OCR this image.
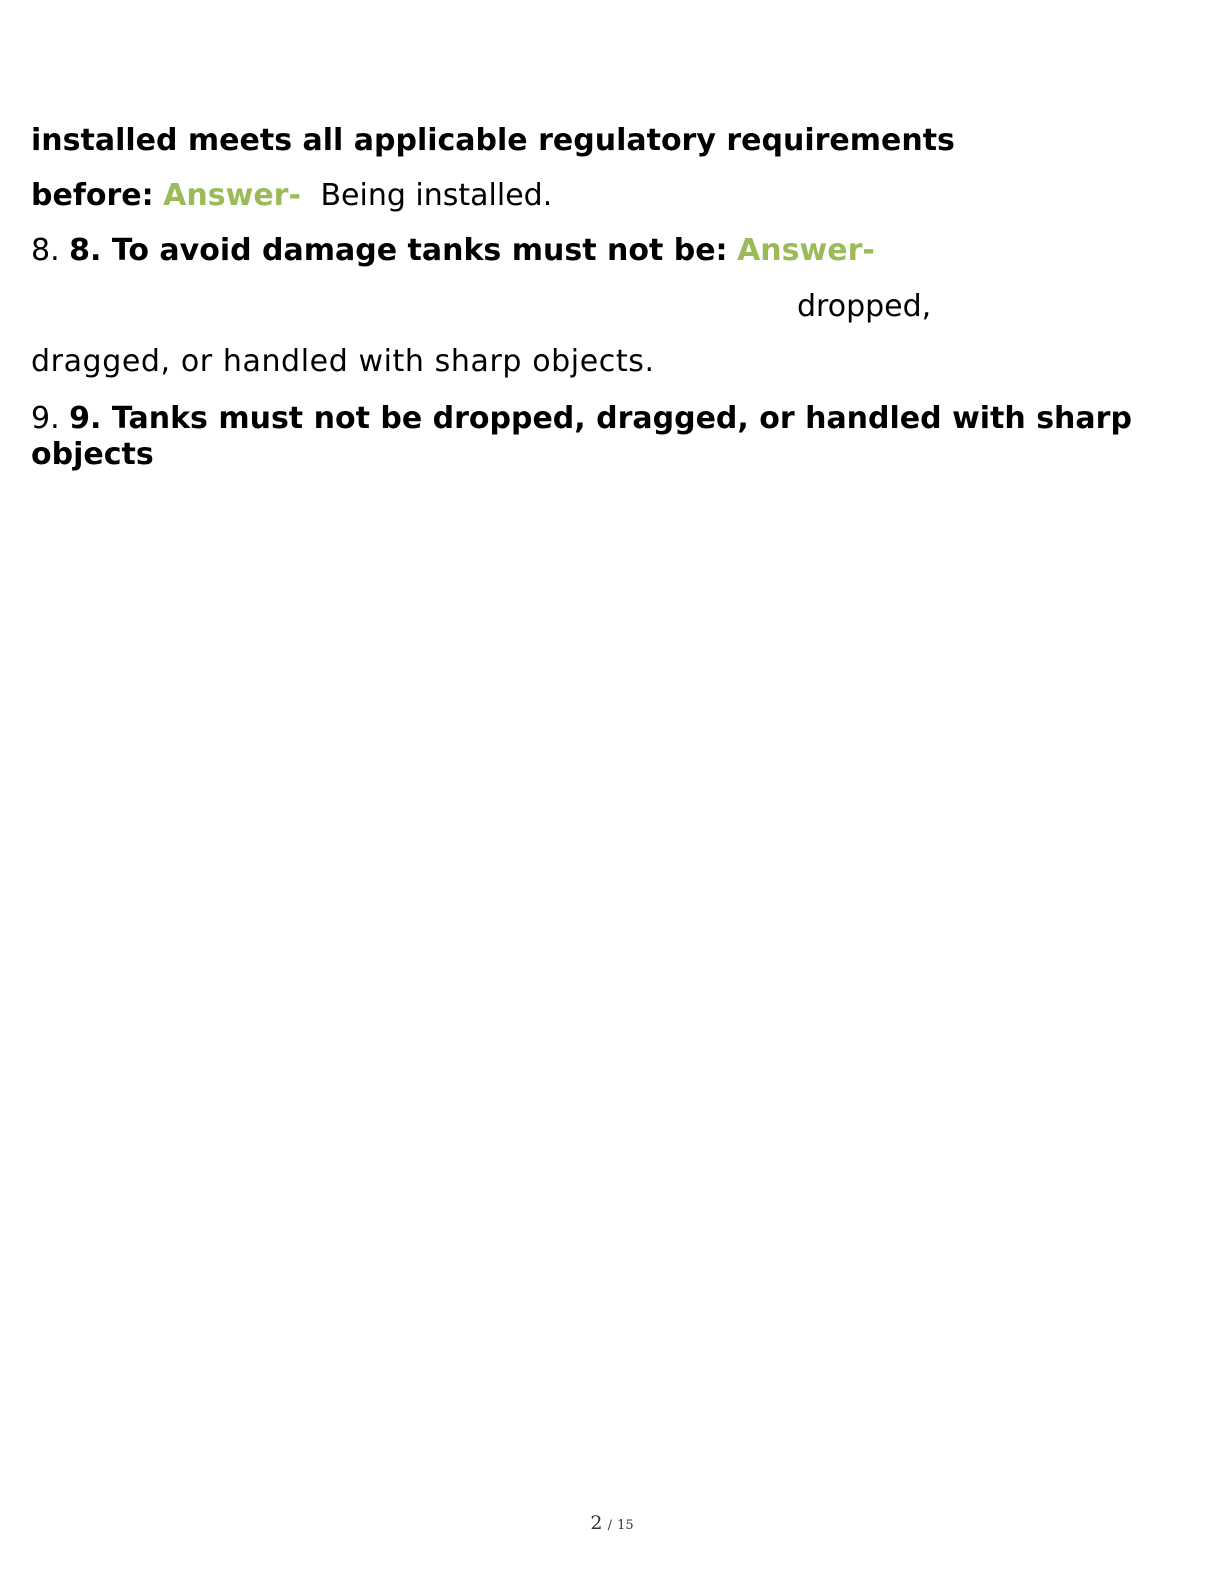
installed meets all applicable regulatory requirements
before: Answer- Being installed.
8. 8. To avoid damage tanks must not be: Answer-
dropped,
dragged, or handled with sharp objects.
9. 9. Tanks must not be dropped, dragged, or handled with sharp objects
2 / 15
